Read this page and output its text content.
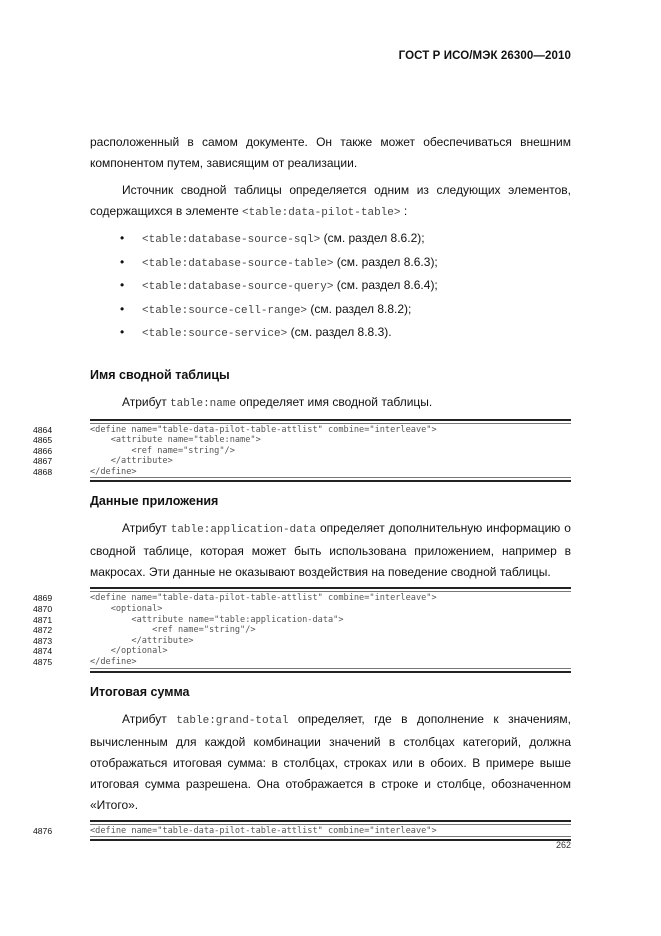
ГОСТ Р ИСО/МЭК 26300—2010

расположенный в самом документе. Он также может обеспечиваться внешним компонентом путем, зависящим от реализации.

Источник сводной таблицы определяется одним из следующих элементов, содержащихся в элементе <table:data-pilot-table> :

• <table:database-source-sql> (см. раздел 8.6.2);
• <table:database-source-table> (см. раздел 8.6.3);
• <table:database-source-query> (см. раздел 8.6.4);
• <table:source-cell-range> (см. раздел 8.8.2);
• <table:source-service> (см. раздел 8.8.3).
Имя сводной таблицы

Атрибут table:name определяет имя сводной таблицы.

4864	<define name="table-data-pilot-table-attlist" combine="interleave">
4865	<attribute name="table:name">
4866	<ref name="string"/>
4867	</attribute>
4868	</define>
Данные приложения

Атрибут table:application-data определяет дополнительную информацию о сводной таблице, которая может быть использована приложением, например в макросах. Эти данные не оказывают воздействия на поведение сводной таблицы.

4869	<define name="table-data-pilot-table-attlist" combine="interleave">
4870	<optional>
4871	<attribute name="table:application-data">
4872	<ref name="string"/>
4873	</attribute>
4874	</optional>
4875	</define>
Итоговая сумма

Атрибут table:grand-total определяет, где в дополнение к значениям, вычисленным для каждой комбинации значений в столбцах категорий, должна отображаться итоговая сумма: в столбцах, строках или в обоих. В примере выше итоговая сумма разрешена. Она отображается в строке и столбце, обозначенном «Итого».

4876	<define name="table-data-pilot-table-attlist" combine="interleave">
262
